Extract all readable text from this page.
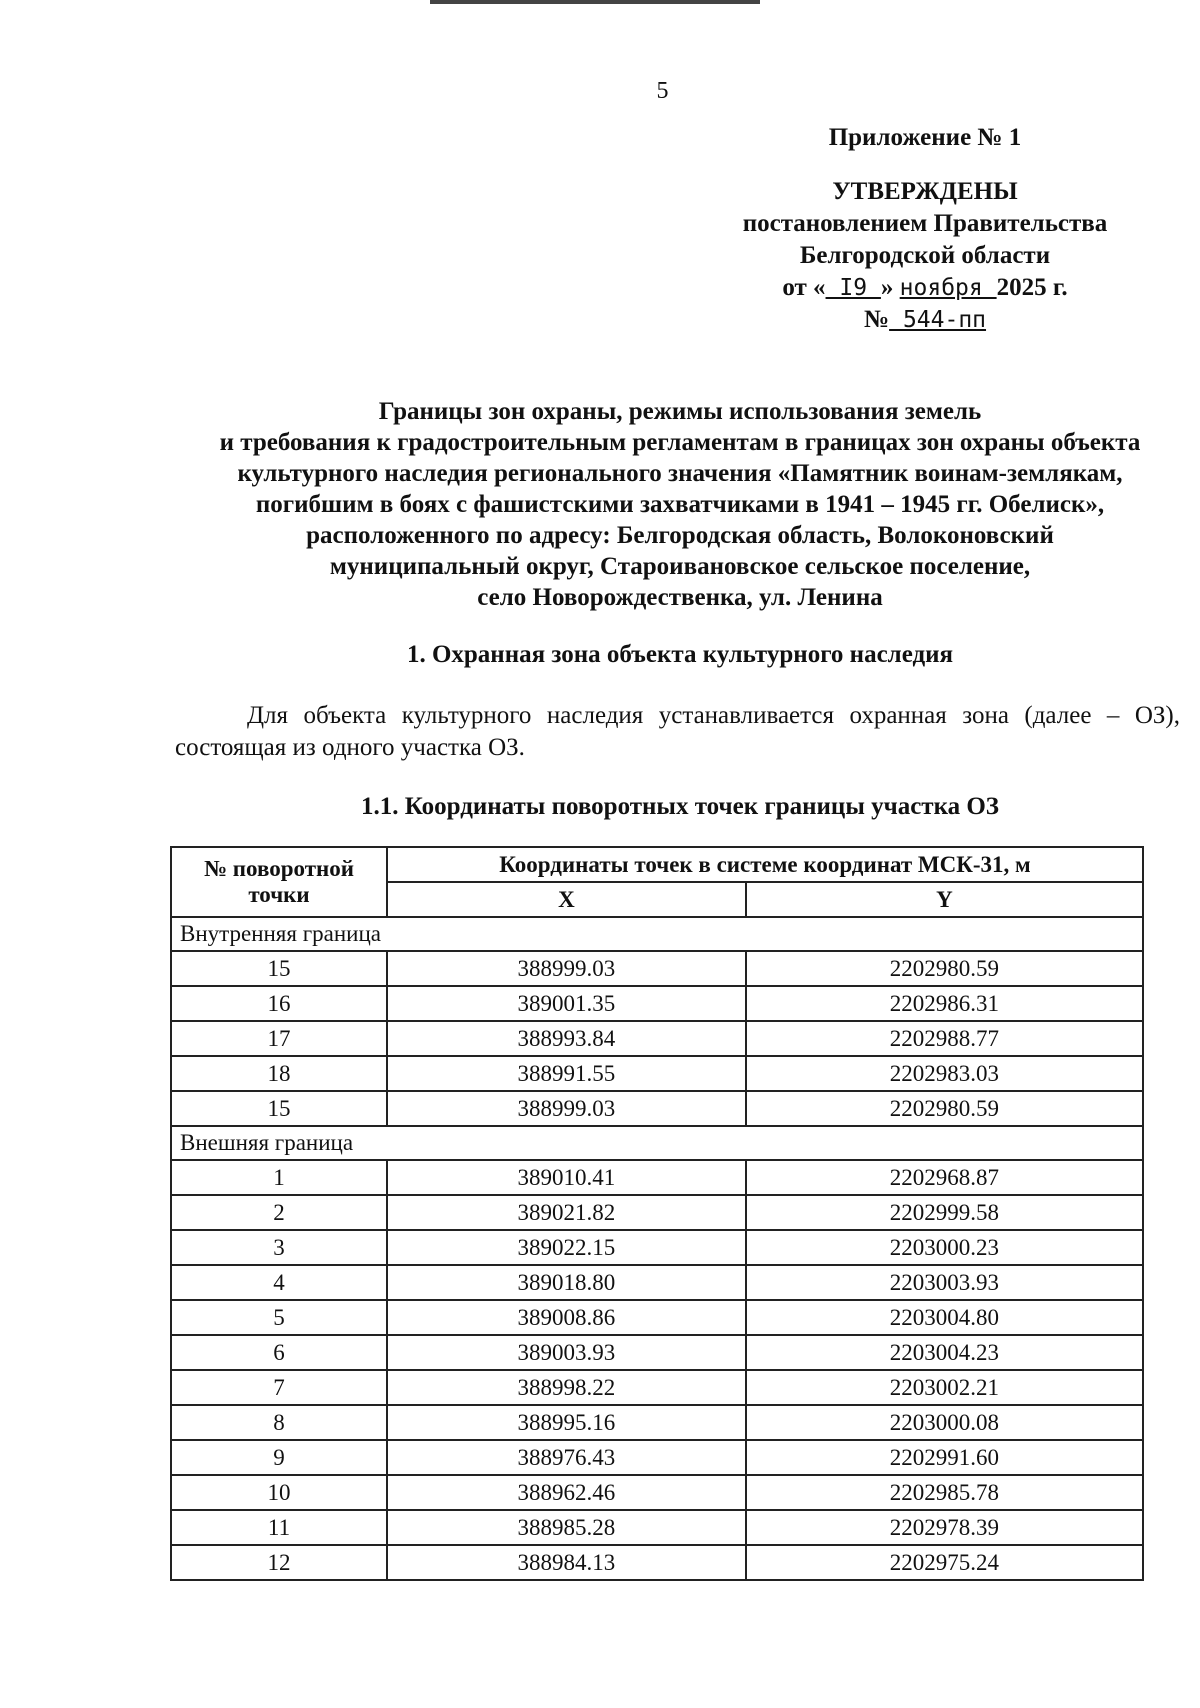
5
Приложение № 1
УТВЕРЖДЕНЫ
постановлением Правительства
Белгородской области
от « I9 » ноября 2025 г.
№ 544-пп
Границы зон охраны, режимы использования земель
и требования к градостроительным регламентам в границах зон охраны объекта
культурного наследия регионального значения «Памятник воинам-землякам,
погибшим в боях с фашистскими захватчиками в 1941 – 1945 гг. Обелиск»,
расположенного по адресу: Белгородская область, Волоконовский
муниципальный округ, Староивановское сельское поселение,
село Новорождественка, ул. Ленина
1. Охранная зона объекта культурного наследия
Для объекта культурного наследия устанавливается охранная зона (далее – ОЗ), состоящая из одного участка ОЗ.
1.1. Координаты поворотных точек границы участка ОЗ
№ поворотной точки	Координаты точек в системе координат МСК-31, м	
	X	Y
Внутренняя граница		
15	388999.03	2202980.59
16	389001.35	2202986.31
17	388993.84	2202988.77
18	388991.55	2202983.03
15	388999.03	2202980.59
Внешняя граница		
1	389010.41	2202968.87
2	389021.82	2202999.58
3	389022.15	2203000.23
4	389018.80	2203003.93
5	389008.86	2203004.80
6	389003.93	2203004.23
7	388998.22	2203002.21
8	388995.16	2203000.08
9	388976.43	2202991.60
10	388962.46	2202985.78
11	388985.28	2202978.39
12	388984.13	2202975.24
